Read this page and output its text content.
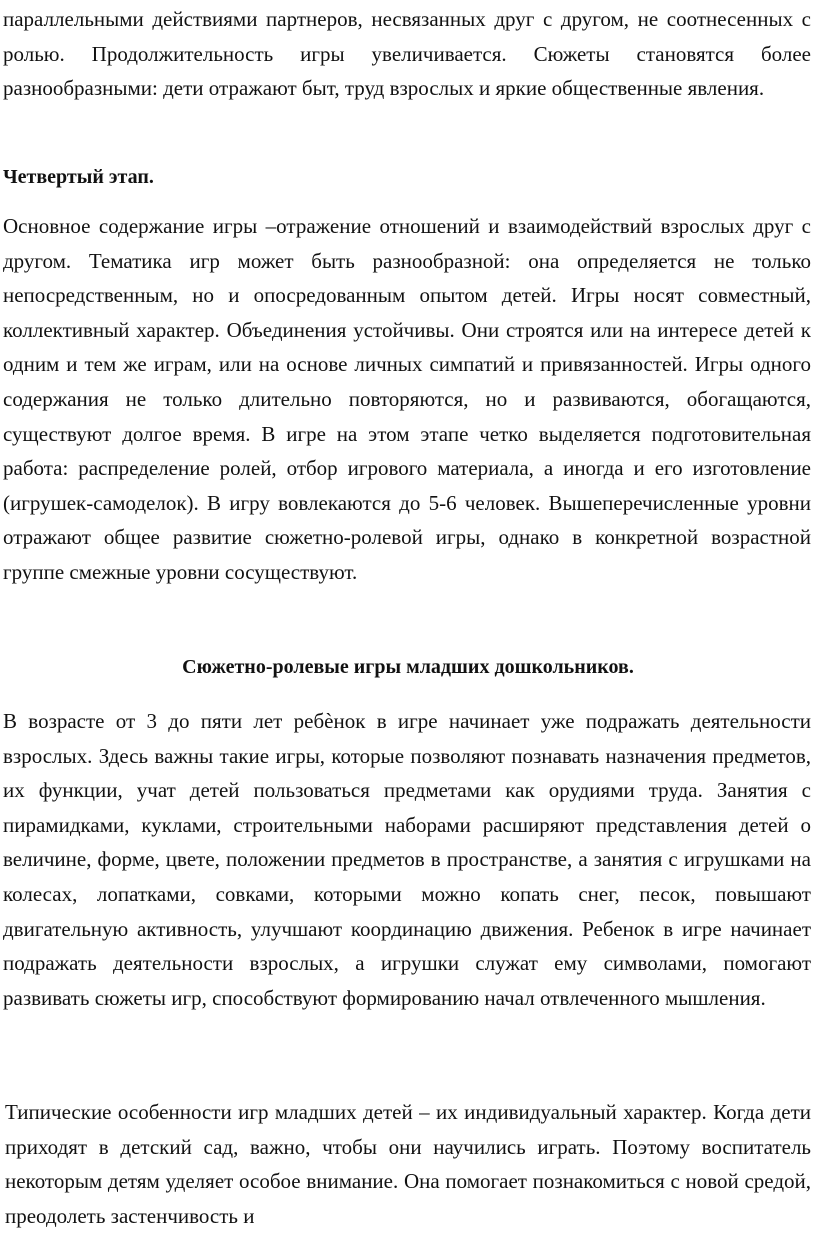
параллельными действиями партнеров, несвязанных друг с другом, не соотнесенных с ролью. Продолжительность игры увеличивается. Сюжеты становятся более разнообразными: дети отражают быт, труд взрослых и яркие общественные явления.

Четвертый этап.

Основное содержание игры –отражение отношений и взаимодействий взрослых друг с другом. Тематика игр может быть разнообразной: она определяется не только непосредственным, но и опосредованным опытом детей. Игры носят совместный, коллективный характер. Объединения устойчивы. Они строятся или на интересе детей к одним и тем же играм, или на основе личных симпатий и привязанностей. Игры одного содержания не только длительно повторяются, но и развиваются, обогащаются, существуют долгое время. В игре на этом этапе четко выделяется подготовительная работа: распределение ролей, отбор игрового материала, а иногда и его изготовление (игрушек-самоделок). В игру вовлекаются до 5-6 человек. Вышеперечисленные уровни отражают общее развитие сюжетно-ролевой игры, однако в конкретной возрастной группе смежные уровни сосуществуют.

Сюжетно-ролевые игры младших дошкольников.

В возрасте от 3 до пяти лет ребѐнок в игре начинает уже подражать деятельности взрослых. Здесь важны такие игры, которые позволяют познавать назначения предметов, их функции, учат детей пользоваться предметами как орудиями труда. Занятия с пирамидками, куклами, строительными наборами расширяют представления детей о величине, форме, цвете, положении предметов в пространстве, а занятия с игрушками на колесах, лопатками, совками, которыми можно копать снег, песок, повышают двигательную активность, улучшают координацию движения. Ребенок в игре начинает подражать деятельности взрослых, а игрушки служат ему символами, помогают развивать сюжеты игр, способствуют формированию начал отвлеченного мышления.

Типические особенности игр младших детей – их индивидуальный характер. Когда дети приходят в детский сад, важно, чтобы они научились играть. Поэтому воспитатель некоторым детям уделяет особое внимание. Она помогает познакомиться с новой средой, преодолеть застенчивость и
